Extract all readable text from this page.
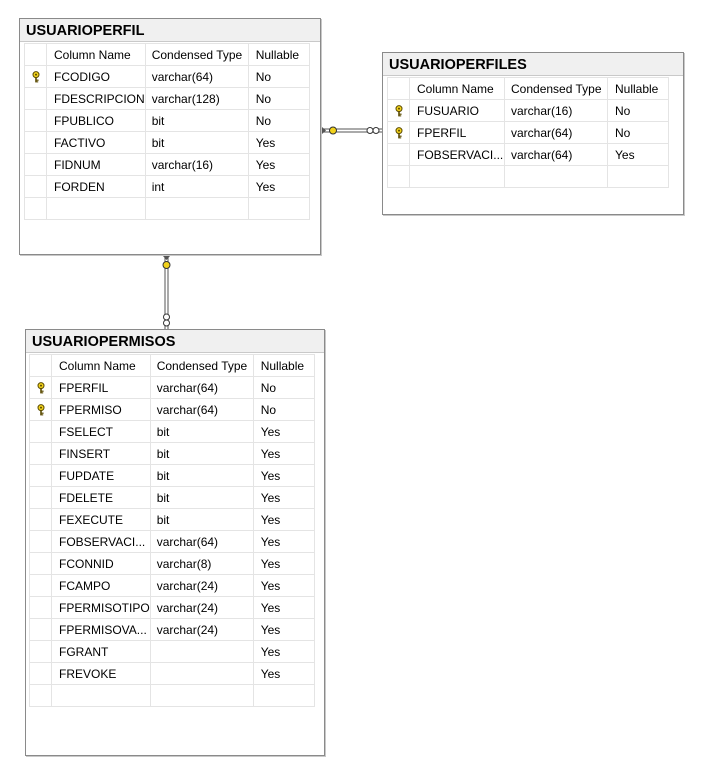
USUARIOPERFIL
	Column Name	Condensed Type	Nullable

	FCODIGO	varchar(64)	No
	FDESCRIPCION	varchar(128)	No
	FPUBLICO	bit	No
	FACTIVO	bit	Yes
	FIDNUM	varchar(16)	Yes
	FORDEN	int	Yes

USUARIOPERFILES
	Column Name	Condensed Type	Nullable

	FUSUARIO	varchar(16)	No

	FPERFIL	varchar(64)	No
	FOBSERVACI...	varchar(64)	Yes

USUARIOPERMISOS
	Column Name	Condensed Type	Nullable

	FPERFIL	varchar(64)	No

	FPERMISO	varchar(64)	No
	FSELECT	bit	Yes
	FINSERT	bit	Yes
	FUPDATE	bit	Yes
	FDELETE	bit	Yes
	FEXECUTE	bit	Yes
	FOBSERVACI...	varchar(64)	Yes
	FCONNID	varchar(8)	Yes
	FCAMPO	varchar(24)	Yes
	FPERMISOTIPO	varchar(24)	Yes
	FPERMISOVA...	varchar(24)	Yes
	FGRANT		Yes
	FREVOKE		Yes
